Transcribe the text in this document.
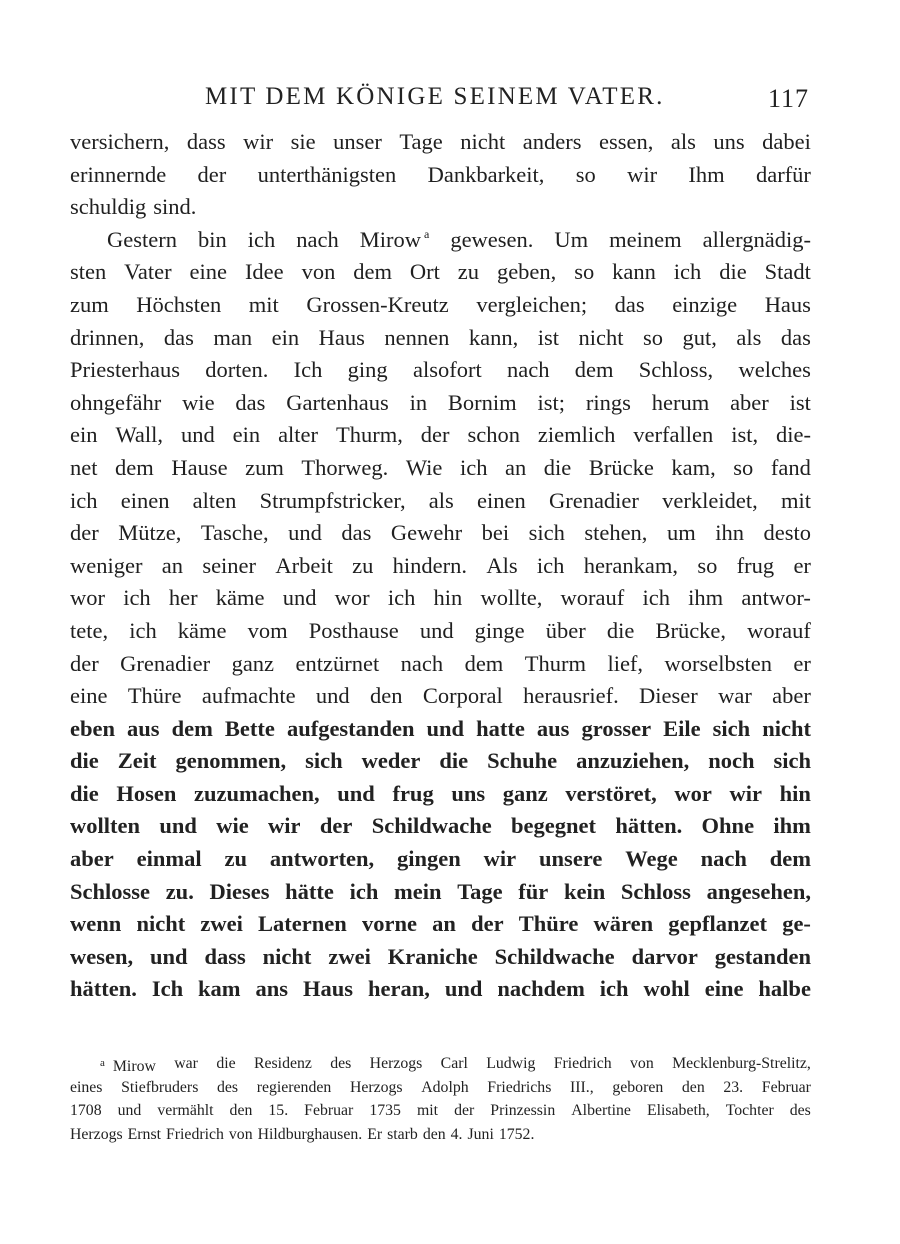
MIT DEM KÖNIGE SEINEM VATER.	117
versichern, dass wir sie unser Tage nicht anders essen, als uns dabei
erinnernde der unterthänigsten Dankbarkeit, so wir Ihm darfür
schuldig sind.
Gestern bin ich nach Mirow $^a$ gewesen. Um meinem allergnädig-
sten Vater eine Idee von dem Ort zu geben, so kann ich die Stadt
zum Höchsten mit Grossen-Kreutz vergleichen; das einzige Haus
drinnen, das man ein Haus nennen kann, ist nicht so gut, als das
Priesterhaus dorten. Ich ging alsofort nach dem Schloss, welches
ohngefähr wie das Gartenhaus in Bornim ist; rings herum aber ist
ein Wall, und ein alter Thurm, der schon ziemlich verfallen ist, die-
net dem Hause zum Thorweg. Wie ich an die Brücke kam, so fand
ich einen alten Strumpfstricker, als einen Grenadier verkleidet, mit
der Mütze, Tasche, und das Gewehr bei sich stehen, um ihn desto
weniger an seiner Arbeit zu hindern. Als ich herankam, so frug er
wor ich her käme und wor ich hin wollte, worauf ich ihm antwor-
tete, ich käme vom Posthause und ginge über die Brücke, worauf
der Grenadier ganz entzürnet nach dem Thurm lief, worselbsten er
eine Thüre aufmachte und den Corporal herausrief. Dieser war aber
eben aus dem Bette aufgestanden und hatte aus grosser Eile sich nicht
die Zeit genommen, sich weder die Schuhe anzuziehen, noch sich
die Hosen zuzumachen, und frug uns ganz verstöret, wor wir hin
wollten und wie wir der Schildwache begegnet hätten. Ohne ihm
aber einmal zu antworten, gingen wir unsere Wege nach dem
Schlosse zu. Dieses hätte ich mein Tage für kein Schloss angesehen,
wenn nicht zwei Laternen vorne an der Thüre wären gepflanzet ge-
wesen, und dass nicht zwei Kraniche Schildwache darvor gestanden
hätten. Ich kam ans Haus heran, und nachdem ich wohl eine halbe
$^a$ Mirow war die Residenz des Herzogs Carl Ludwig Friedrich von Mecklenburg-Strelitz,
eines Stiefbruders des regierenden Herzogs Adolph Friedrichs III., geboren den 23. Februar
1708 und vermählt den 15. Februar 1735 mit der Prinzessin Albertine Elisabeth, Tochter des
Herzogs Ernst Friedrich von Hildburghausen. Er starb den 4. Juni 1752.
